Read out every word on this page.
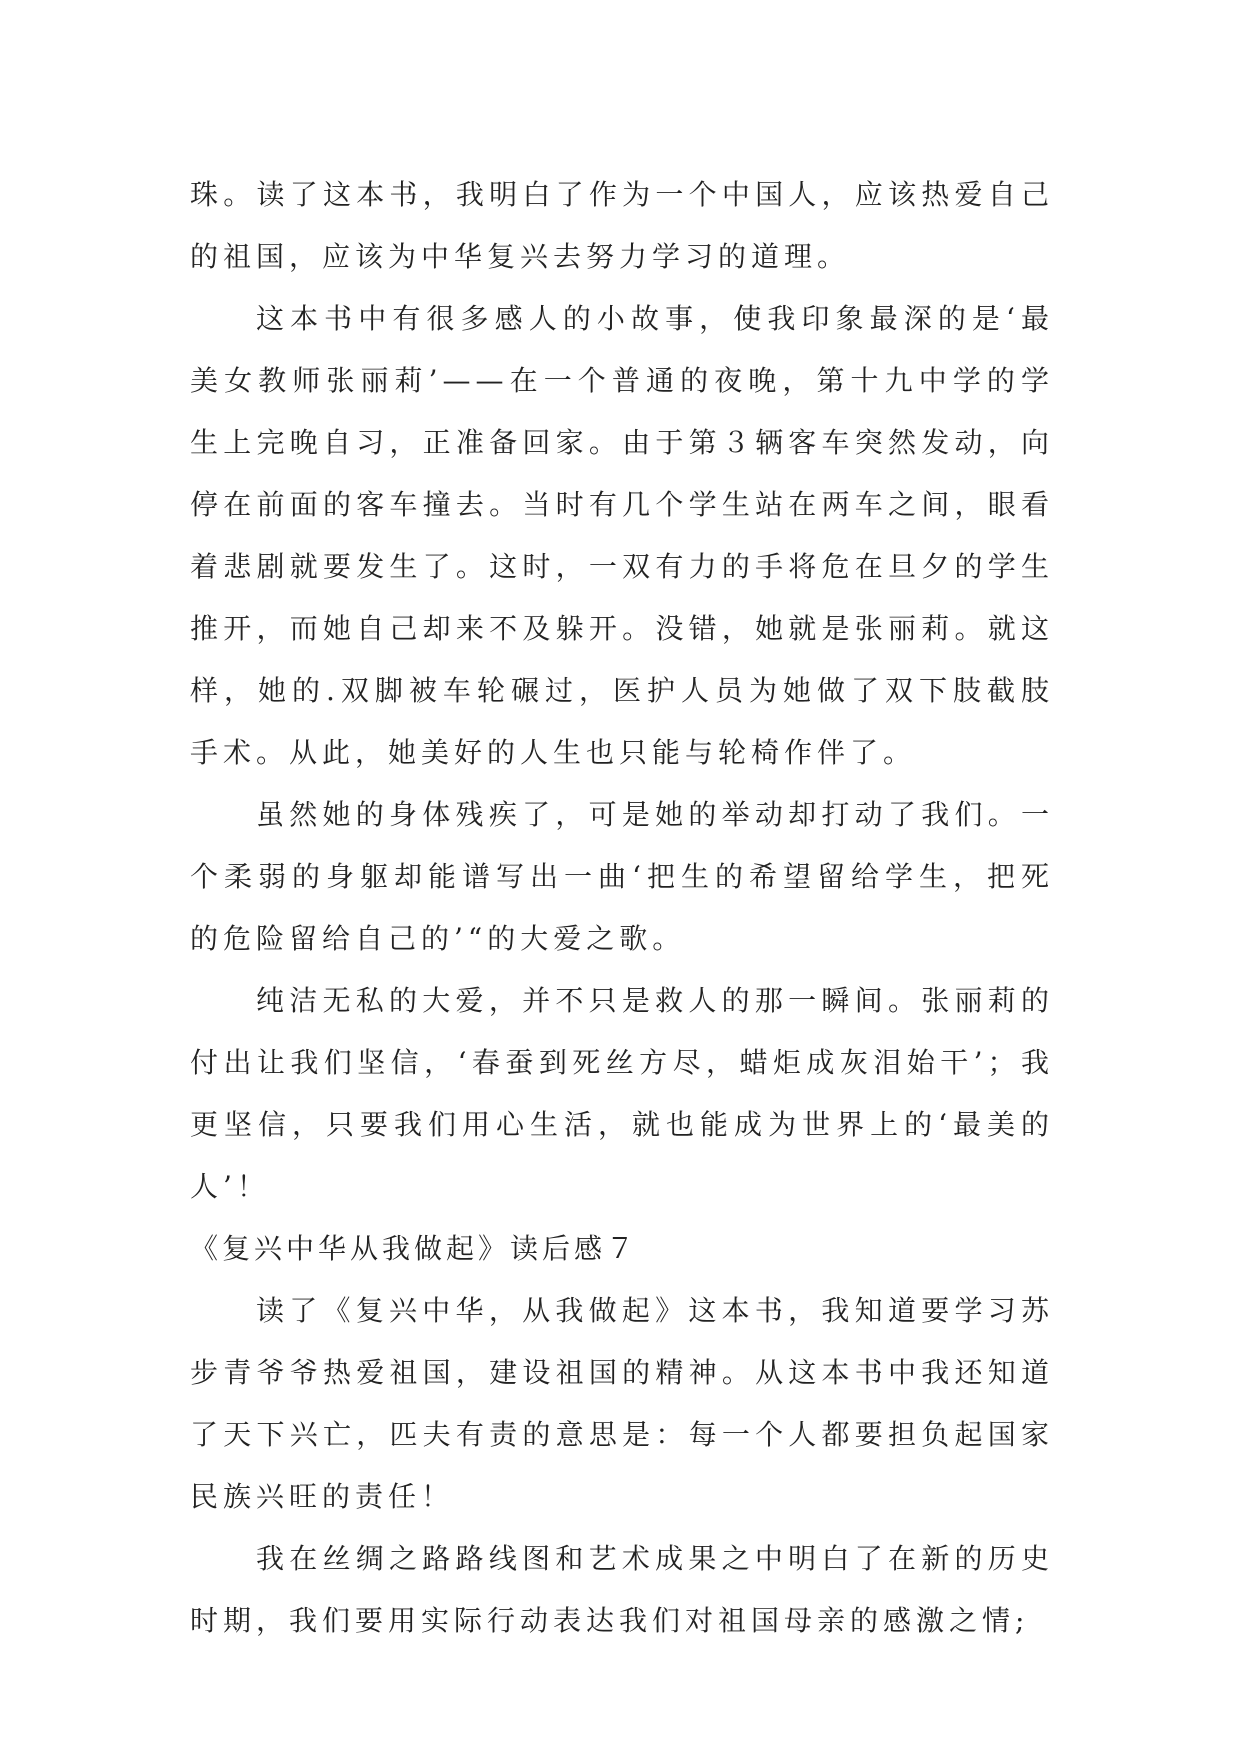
珠。读了这本书，我明白了作为一个中国人，应该热爱自己的祖国，应该为中华复兴去努力学习的道理。

这本书中有很多感人的小故事，使我印象最深的是‘最美女教师张丽莉’——在一个普通的夜晚，第十九中学的学生上完晚自习，正准备回家。由于第３辆客车突然发动，向停在前面的客车撞去。当时有几个学生站在两车之间，眼看着悲剧就要发生了。这时，一双有力的手将危在旦夕的学生推开，而她自己却来不及躲开。没错，她就是张丽莉。就这样，她的.双脚被车轮碾过，医护人员为她做了双下肢截肢手术。从此，她美好的人生也只能与轮椅作伴了。

虽然她的身体残疾了，可是她的举动却打动了我们。一个柔弱的身躯却能谱写出一曲‘把生的希望留给学生，把死的危险留给自己的’“的大爱之歌。

纯洁无私的大爱，并不只是救人的那一瞬间。张丽莉的付出让我们坚信，‘春蚕到死丝方尽，蜡炬成灰泪始干’；我更坚信，只要我们用心生活，就也能成为世界上的‘最美的人’！

《复兴中华从我做起》读后感７

读了《复兴中华，从我做起》这本书，我知道要学习苏步青爷爷热爱祖国，建设祖国的精神。从这本书中我还知道了天下兴亡，匹夫有责的意思是：每一个人都要担负起国家民族兴旺的责任！

我在丝绸之路路线图和艺术成果之中明白了在新的历史时期，我们要用实际行动表达我们对祖国母亲的感激之情;
